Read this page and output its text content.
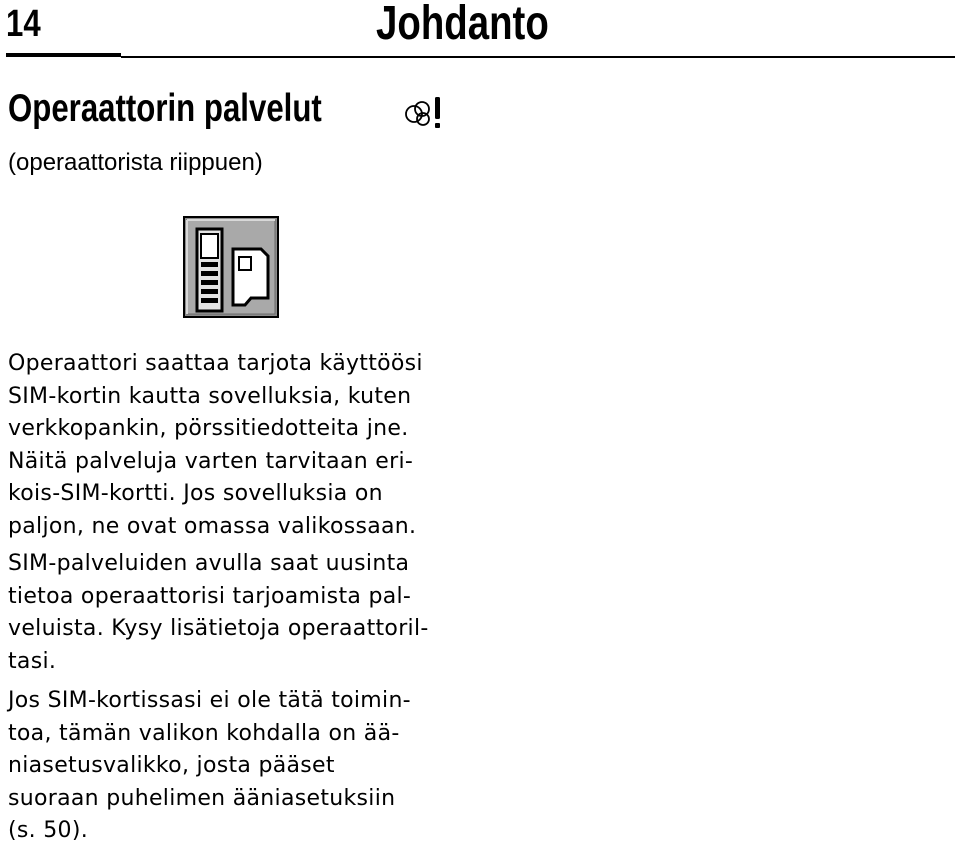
14	Johdanto
Operaattorin palvelut
(operaattorista riippuen)
Operaattori saattaa tarjota käyttöösi
SIM-kortin kautta sovelluksia, kuten
verkkopankin, pörssitiedotteita jne.
Näitä palveluja varten tarvitaan eri-
kois-SIM-kortti. Jos sovelluksia on
paljon, ne ovat omassa valikossaan.
SIM-palveluiden avulla saat uusinta
tietoa operaattorisi tarjoamista pal-
veluista. Kysy lisätietoja operaattoril-
tasi.
Jos SIM-kortissasi ei ole tätä toimin-
toa, tämän valikon kohdalla on ää-
niasetusvalikko, josta pääset
suoraan puhelimen ääniasetuksiin
(s. 50).
